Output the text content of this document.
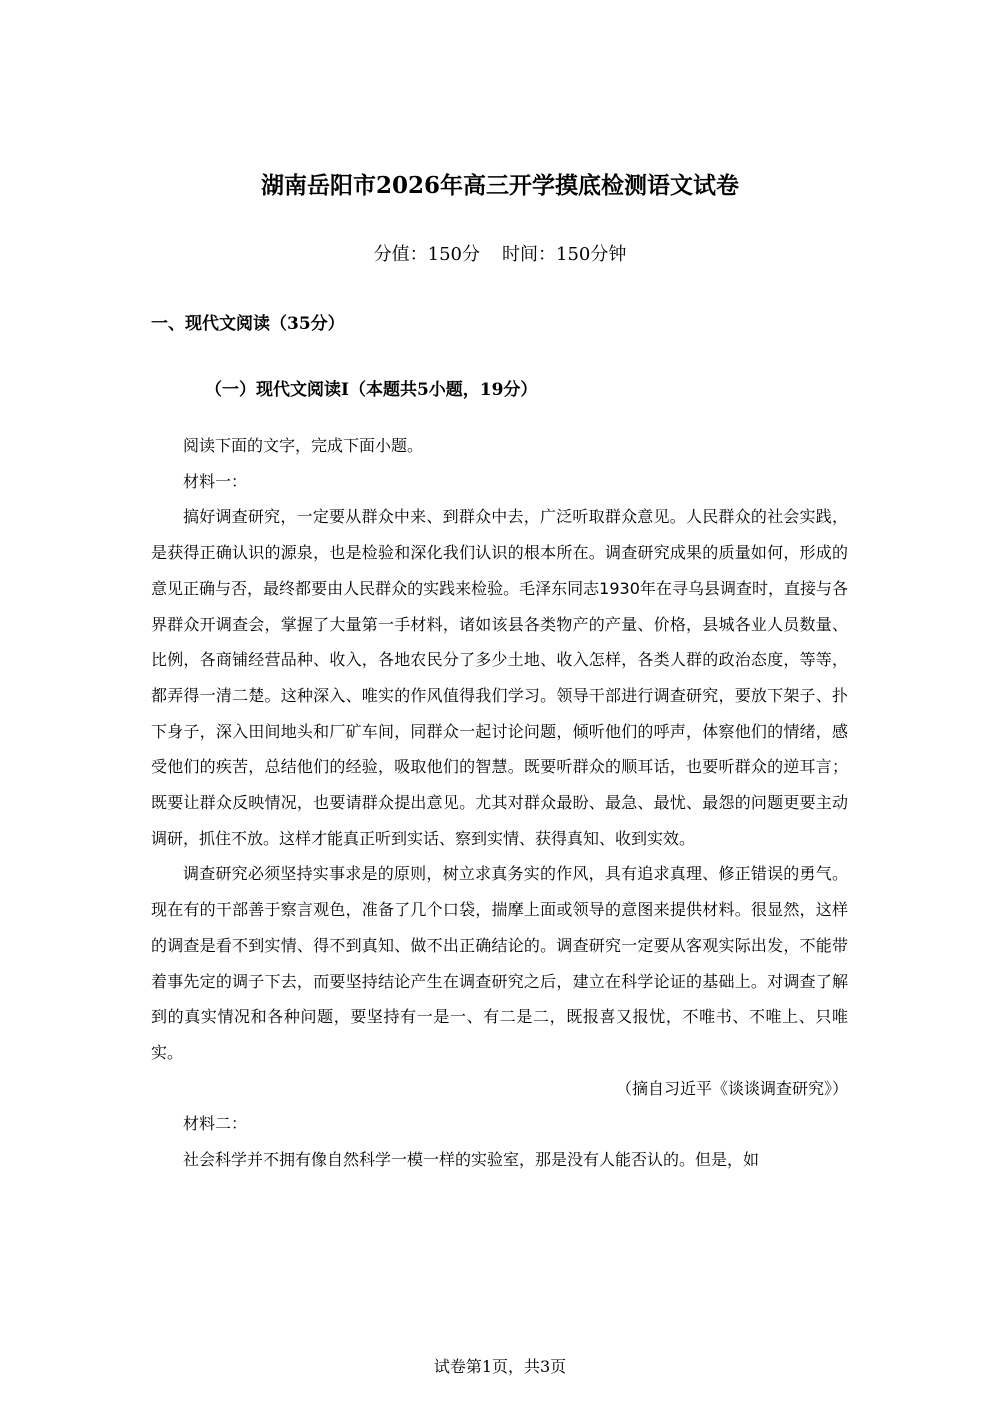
湖南岳阳市2026年高三开学摸底检测语文试卷
分值：150分 时间：150分钟
一、现代文阅读（35分）
（一）现代文阅读Ⅰ（本题共5小题，19分）

阅读下面的文字，完成下面小题。

材料一：

搞好调查研究，一定要从群众中来、到群众中去，广泛听取群众意见。人民群众的社会实践，是获得正确认识的源泉，也是检验和深化我们认识的根本所在。调查研究成果的质量如何，形成的意见正确与否，最终都要由人民群众的实践来检验。毛泽东同志1930年在寻乌县调查时，直接与各界群众开调查会，掌握了大量第一手材料，诸如该县各类物产的产量、价格，县城各业人员数量、比例，各商铺经营品种、收入，各地农民分了多少土地、收入怎样，各类人群的政治态度，等等，都弄得一清二楚。这种深入、唯实的作风值得我们学习。领导干部进行调查研究，要放下架子、扑下身子，深入田间地头和厂矿车间，同群众一起讨论问题，倾听他们的呼声，体察他们的情绪，感受他们的疾苦，总结他们的经验，吸取他们的智慧。既要听群众的顺耳话，也要听群众的逆耳言；既要让群众反映情况，也要请群众提出意见。尤其对群众最盼、最急、最忧、最怨的问题更要主动调研，抓住不放。这样才能真正听到实话、察到实情、获得真知、收到实效。

调查研究必须坚持实事求是的原则，树立求真务实的作风，具有追求真理、修正错误的勇气。现在有的干部善于察言观色，准备了几个口袋，揣摩上面或领导的意图来提供材料。很显然，这样的调查是看不到实情、得不到真知、做不出正确结论的。调查研究一定要从客观实际出发，不能带着事先定的调子下去，而要坚持结论产生在调查研究之后，建立在科学论证的基础上。对调查了解到的真实情况和各种问题，要坚持有一是一、有二是二，既报喜又报忧，不唯书、不唯上、只唯实。

（摘自习近平《谈谈调查研究》）

材料二：

社会科学并不拥有像自然科学一模一样的实验室，那是没有人能否认的。但是，如

试卷第1页，共3页
